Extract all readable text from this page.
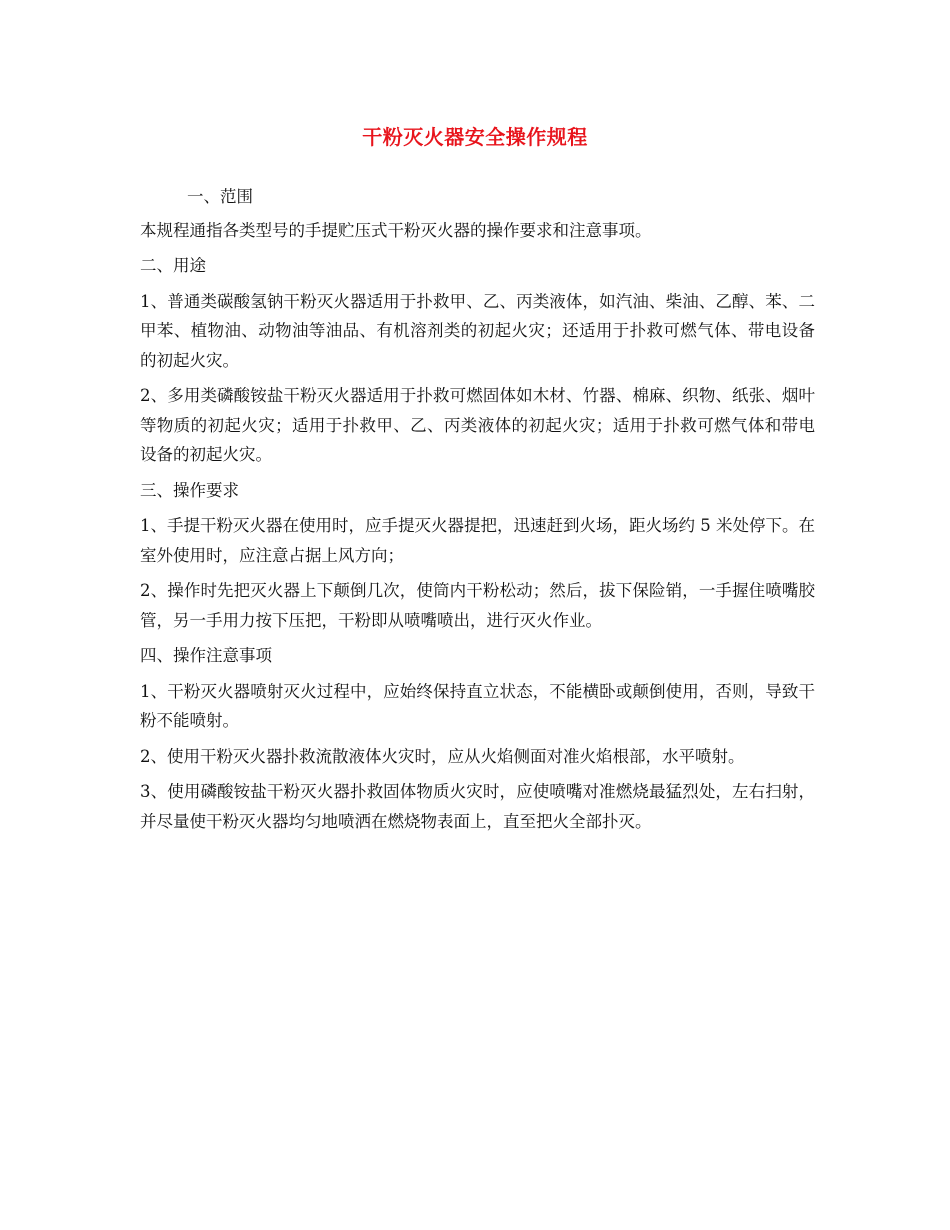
干粉灭火器安全操作规程

一、范围

本规程通指各类型号的手提贮压式干粉灭火器的操作要求和注意事项。

二、用途

1、普通类碳酸氢钠干粉灭火器适用于扑救甲、乙、丙类液体，如汽油、柴油、乙醇、苯、二甲苯、植物油、动物油等油品、有机溶剂类的初起火灾；还适用于扑救可燃气体、带电设备的初起火灾。

2、多用类磷酸铵盐干粉灭火器适用于扑救可燃固体如木材、竹器、棉麻、织物、纸张、烟叶等物质的初起火灾；适用于扑救甲、乙、丙类液体的初起火灾；适用于扑救可燃气体和带电设备的初起火灾。

三、操作要求

1、手提干粉灭火器在使用时，应手提灭火器提把，迅速赶到火场，距火场约 5 米处停下。在室外使用时，应注意占据上风方向；

2、操作时先把灭火器上下颠倒几次，使筒内干粉松动；然后，拔下保险销，一手握住喷嘴胶管，另一手用力按下压把，干粉即从喷嘴喷出，进行灭火作业。

四、操作注意事项

1、干粉灭火器喷射灭火过程中，应始终保持直立状态，不能横卧或颠倒使用，否则，导致干粉不能喷射。

2、使用干粉灭火器扑救流散液体火灾时，应从火焰侧面对准火焰根部，水平喷射。

3、使用磷酸铵盐干粉灭火器扑救固体物质火灾时，应使喷嘴对准燃烧最猛烈处，左右扫射，并尽量使干粉灭火器均匀地喷洒在燃烧物表面上，直至把火全部扑灭。
